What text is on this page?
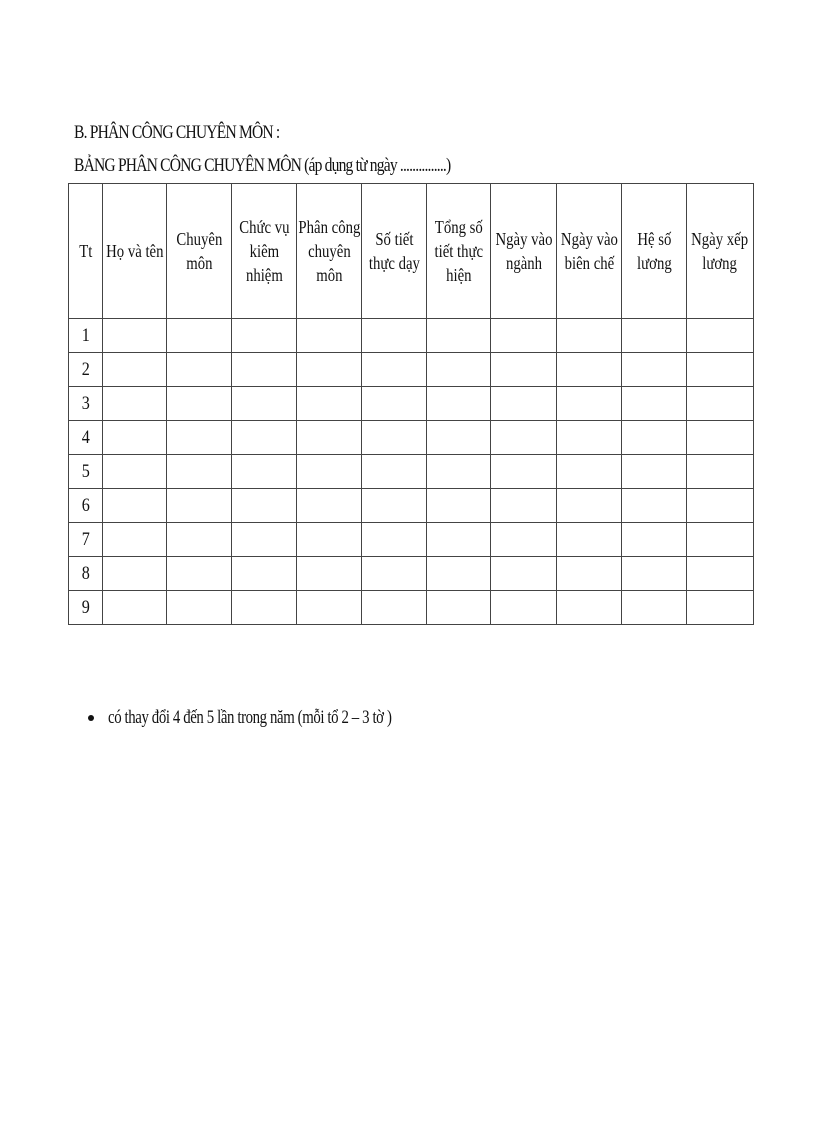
B. PHÂN CÔNG CHUYÊN MÔN :
BẢNG PHÂN CÔNG CHUYÊN MÔN (áp dụng từ ngày ...............)
Tt	Họ và tên	Chuyên môn	Chức vụ kiêm nhiệm	Phân công chuyên môn	Số tiết thực dạy	Tổng số tiết thực hiện	Ngày vào ngành	Ngày vào biên chế	Hệ số lương	Ngày xếp lương
1										
2										
3										
4										
5										
6										
7										
8										
9										
có thay đổi 4 đến 5 lần trong năm (mỗi tổ 2 – 3 tờ )
